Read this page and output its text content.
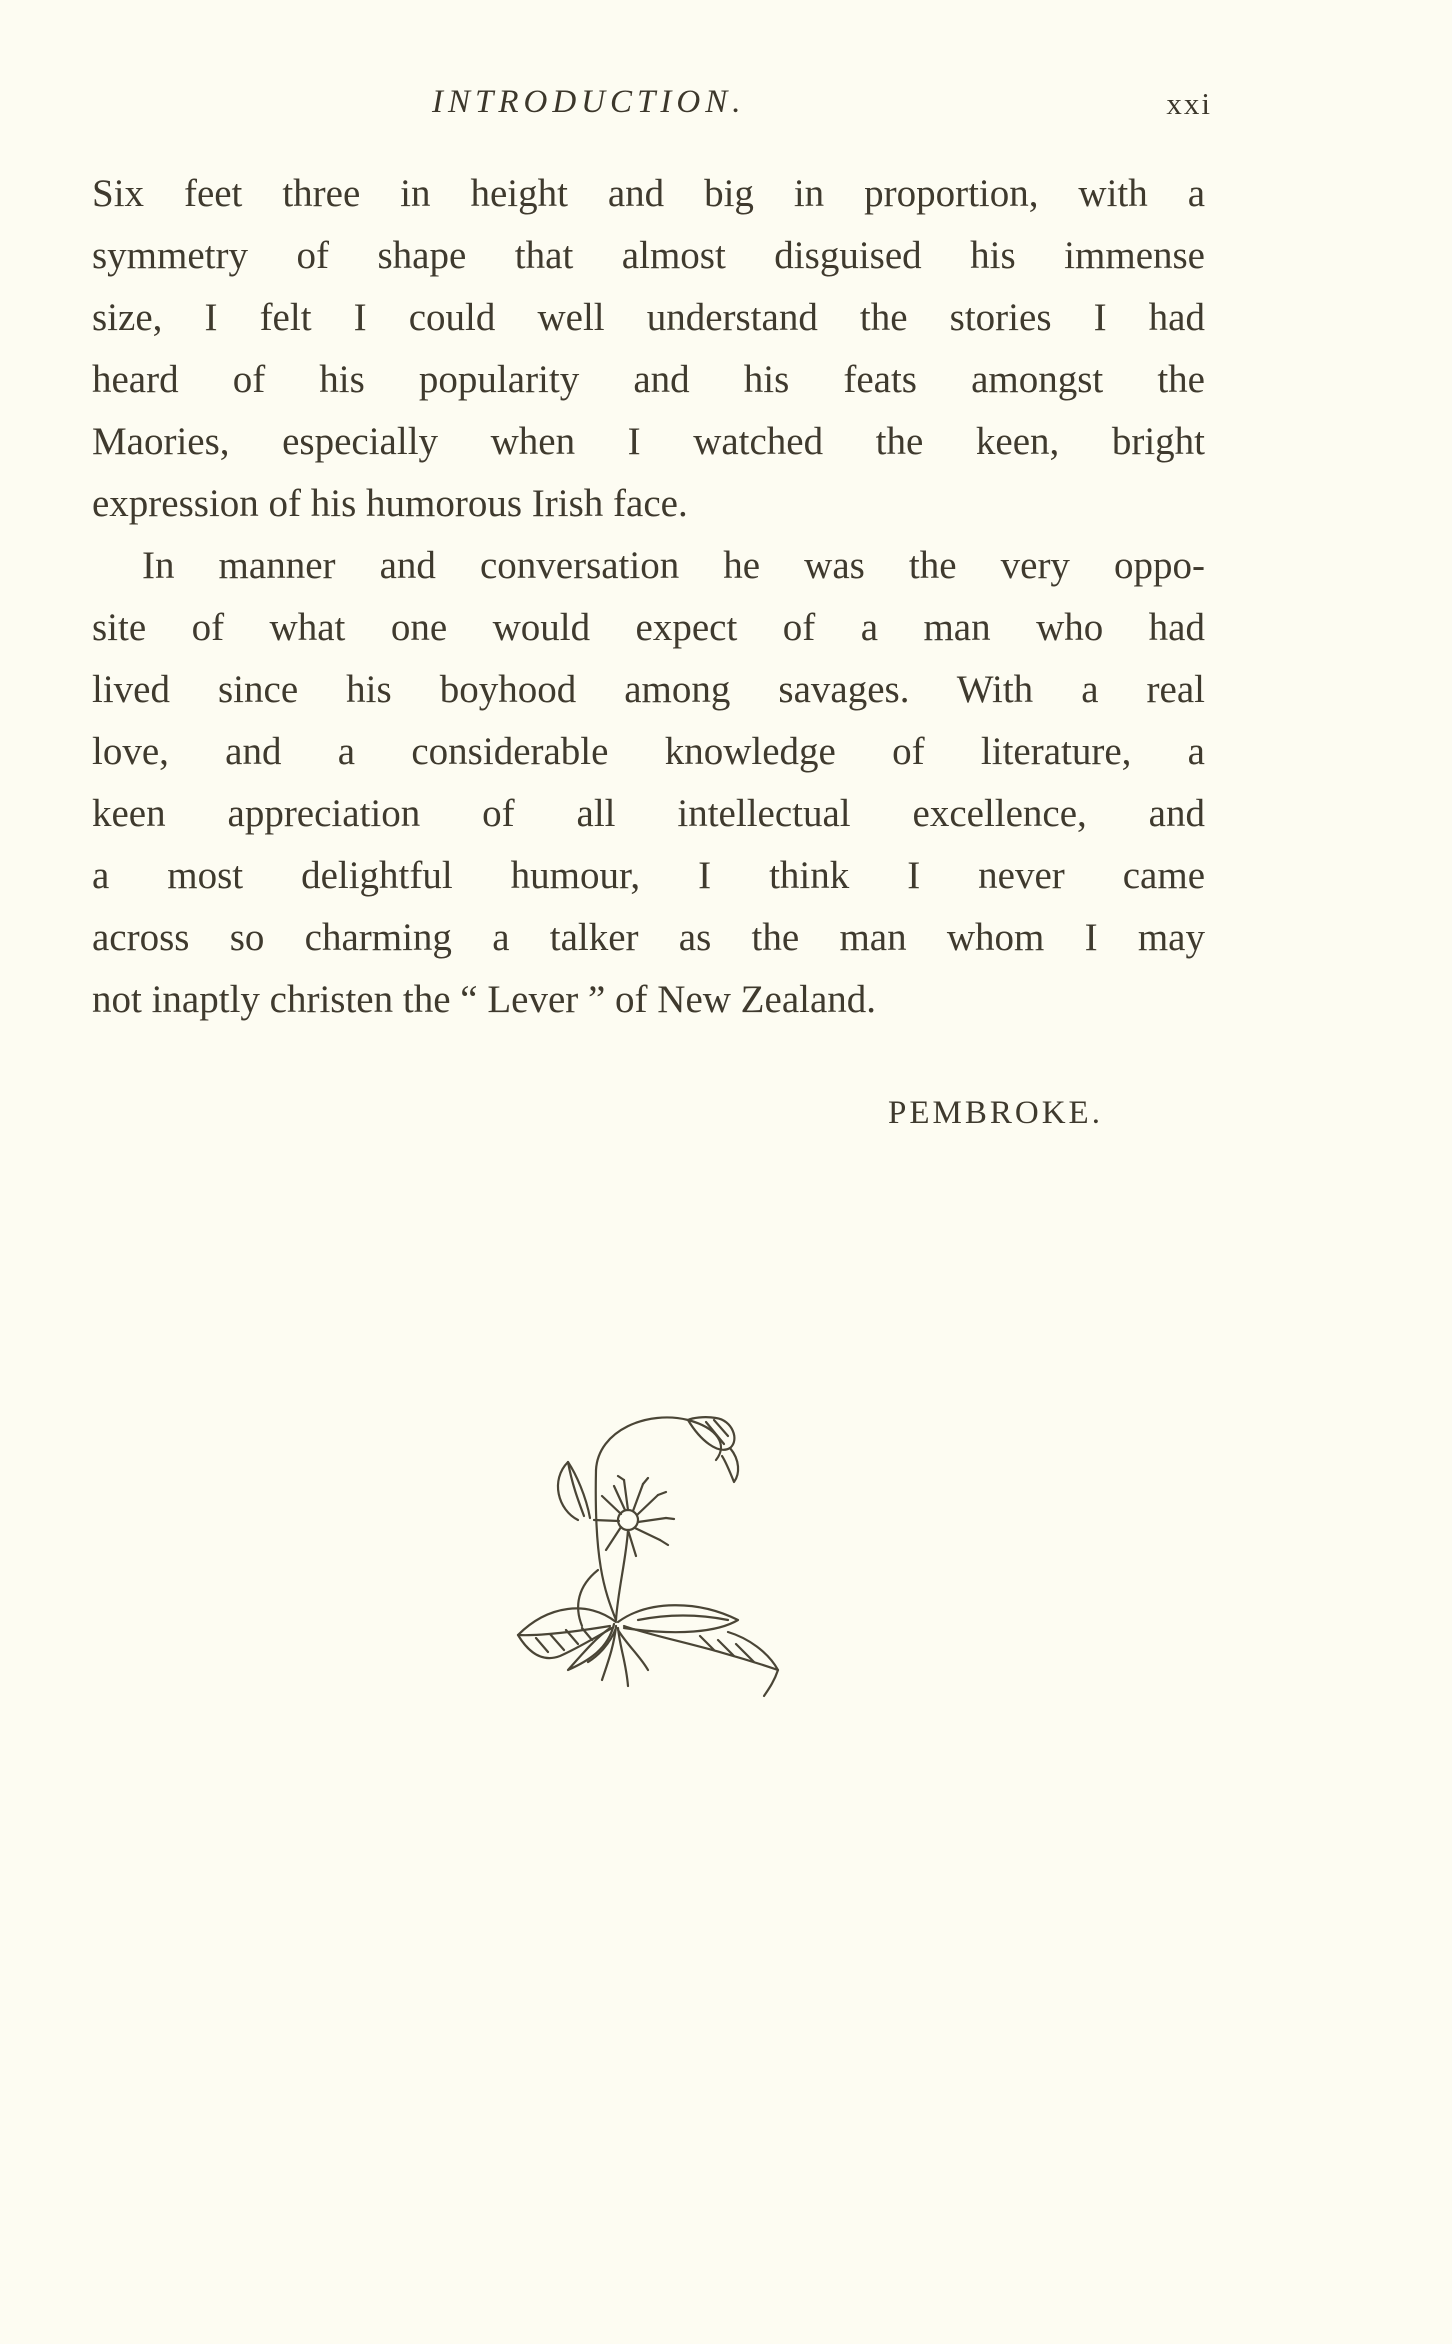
INTRODUCTION.	xxi
Six feet three in height and big in proportion, with a
symmetry of shape that almost disguised his immense
size, I felt I could well understand the stories I had
heard of his popularity and his feats amongst the
Maories, especially when I watched the keen, bright
expression of his humorous Irish face.
In manner and conversation he was the very oppo-
site of what one would expect of a man who had
lived since his boyhood among savages. With a real
love, and a considerable knowledge of literature, a
keen appreciation of all intellectual excellence, and
a most delightful humour, I think I never came
across so charming a talker as the man whom I may
not inaptly christen the “ Lever ” of New Zealand.
PEMBROKE.
